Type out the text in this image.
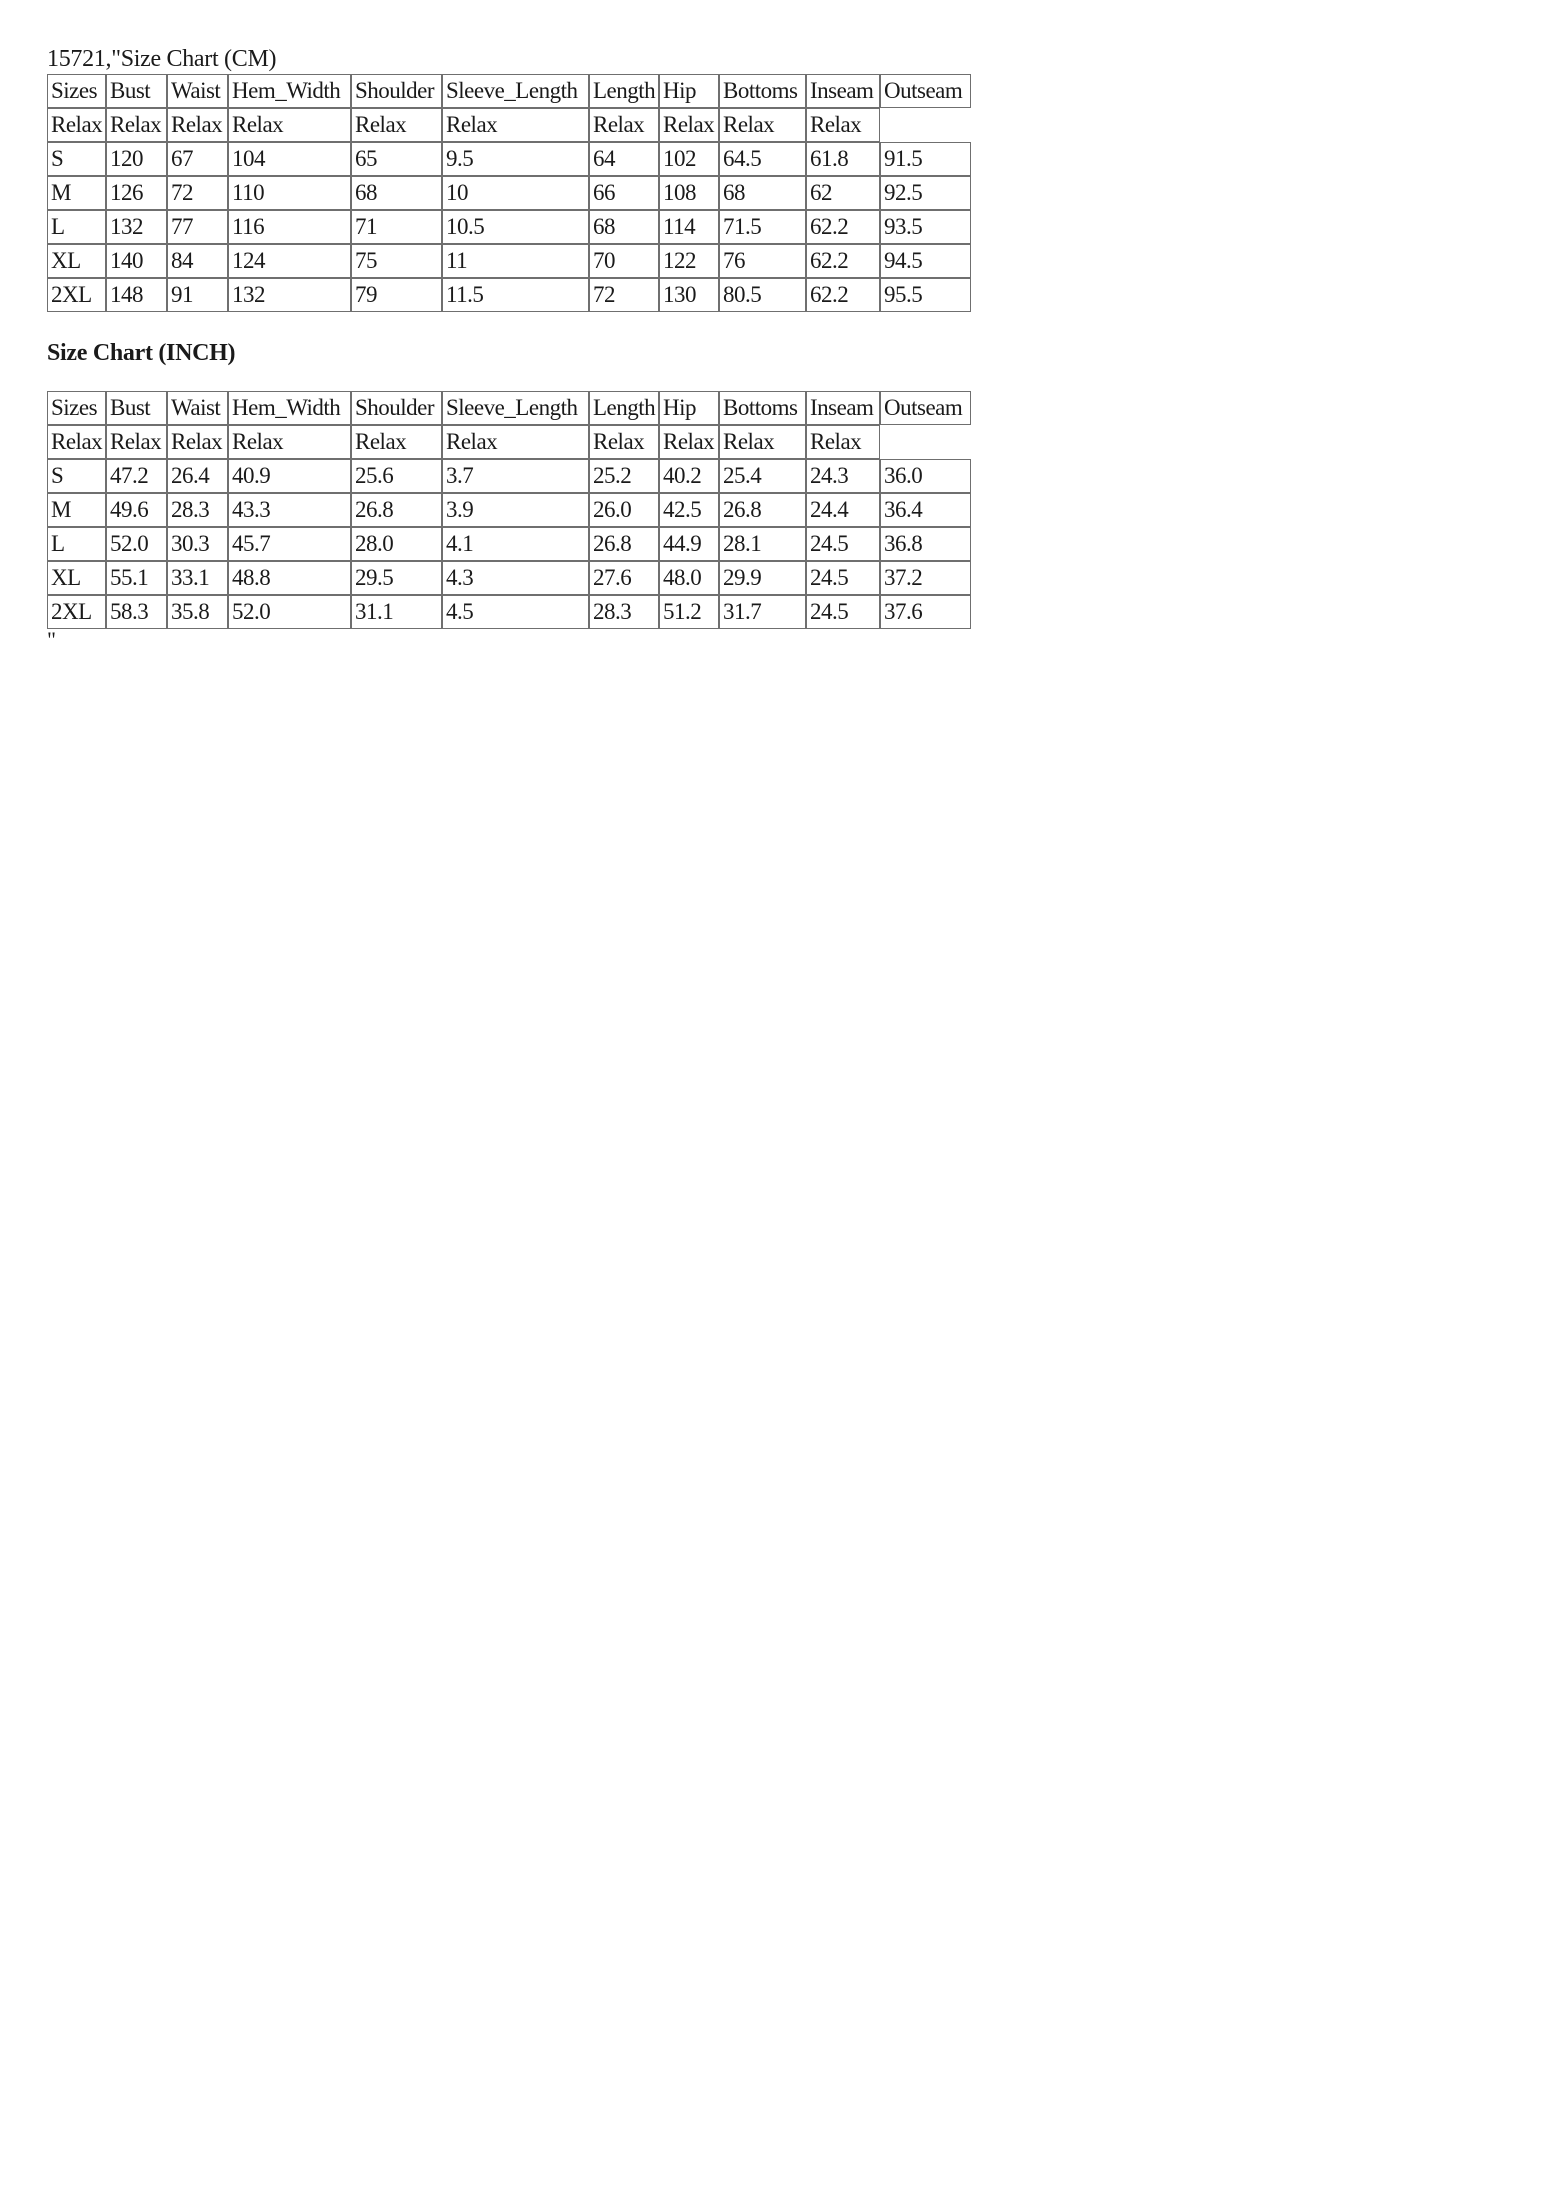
15721,"Size Chart (CM)
Sizes	Bust	Waist	Hem_Width	Shoulder	Sleeve_Length	Length	Hip	Bottoms	Inseam	Outseam
Relax	Relax	Relax	Relax	Relax	Relax	Relax	Relax	Relax	Relax	
S	120	67	104	65	9.5	64	102	64.5	61.8	91.5
M	126	72	110	68	10	66	108	68	62	92.5
L	132	77	116	71	10.5	68	114	71.5	62.2	93.5
XL	140	84	124	75	11	70	122	76	62.2	94.5
2XL	148	91	132	79	11.5	72	130	80.5	62.2	95.5
Size Chart (INCH)
Sizes	Bust	Waist	Hem_Width	Shoulder	Sleeve_Length	Length	Hip	Bottoms	Inseam	Outseam
Relax	Relax	Relax	Relax	Relax	Relax	Relax	Relax	Relax	Relax	
S	47.2	26.4	40.9	25.6	3.7	25.2	40.2	25.4	24.3	36.0
M	49.6	28.3	43.3	26.8	3.9	26.0	42.5	26.8	24.4	36.4
L	52.0	30.3	45.7	28.0	4.1	26.8	44.9	28.1	24.5	36.8
XL	55.1	33.1	48.8	29.5	4.3	27.6	48.0	29.9	24.5	37.2
2XL	58.3	35.8	52.0	31.1	4.5	28.3	51.2	31.7	24.5	37.6
"
